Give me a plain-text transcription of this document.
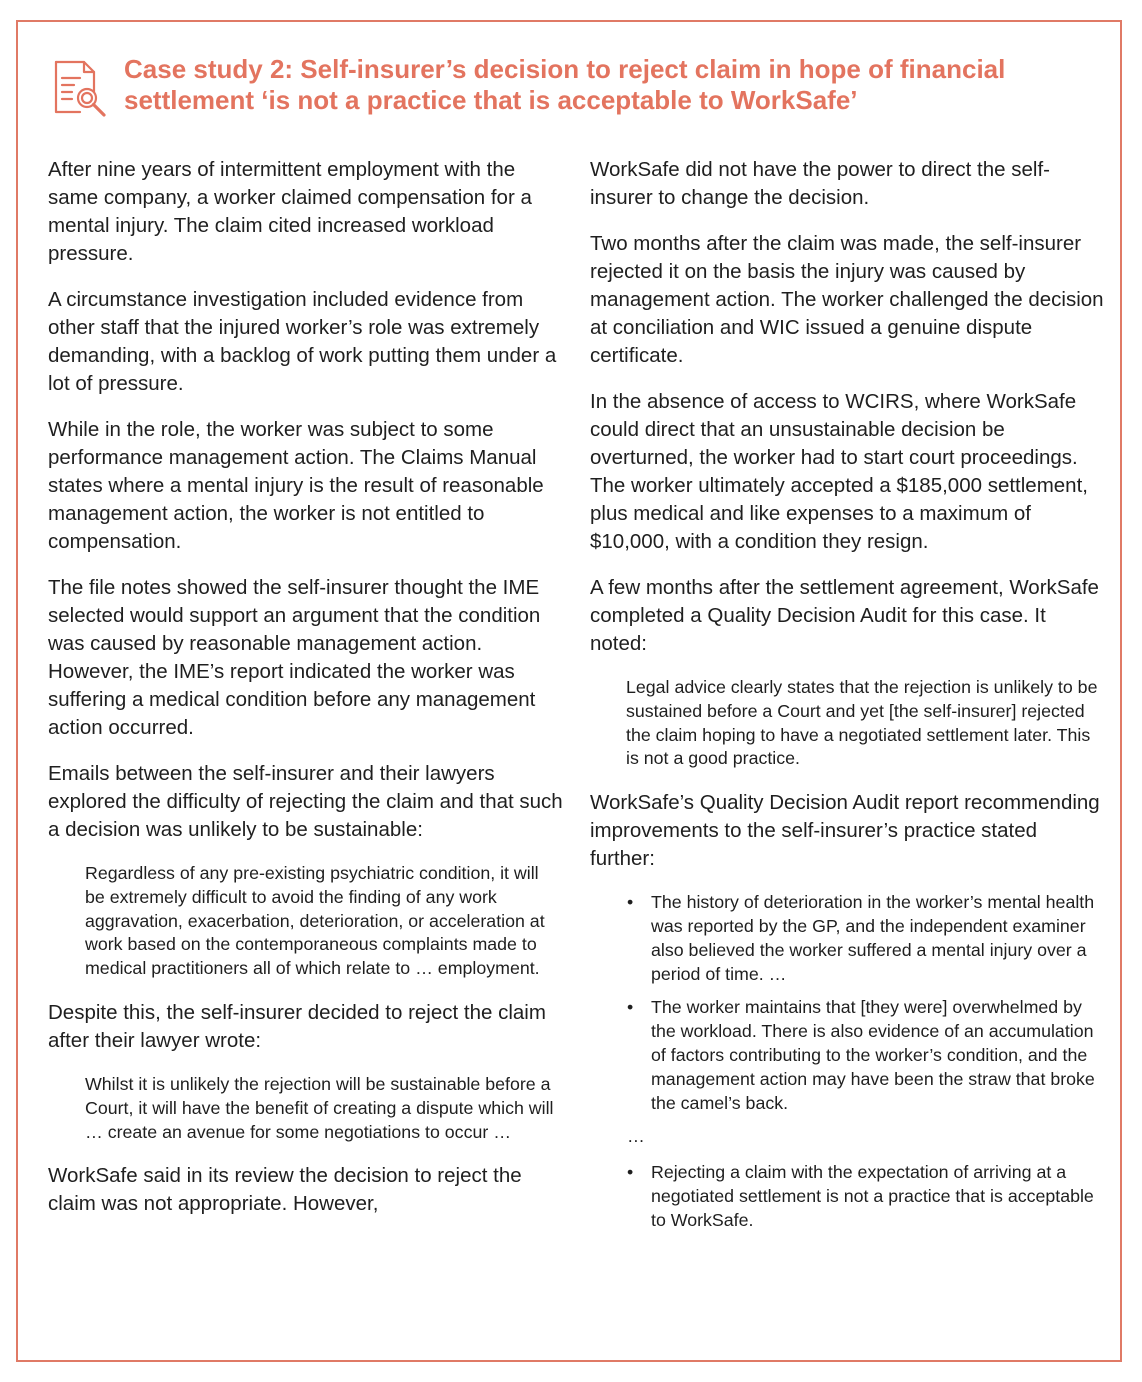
Case study 2: Self-insurer’s decision to reject claim in hope of financial settlement ‘is not a practice that is acceptable to WorkSafe’

After nine years of intermittent employment with the same company, a worker claimed compensation for a mental injury. The claim cited increased workload pressure.

A circumstance investigation included evidence from other staff that the injured worker’s role was extremely demanding, with a backlog of work putting them under a lot of pressure.

While in the role, the worker was subject to some performance management action. The Claims Manual states where a mental injury is the result of reasonable management action, the worker is not entitled to compensation.

The file notes showed the self-insurer thought the IME selected would support an argument that the condition was caused by reasonable management action. However, the IME’s report indicated the worker was suffering a medical condition before any management action occurred.

Emails between the self-insurer and their lawyers explored the difficulty of rejecting the claim and that such a decision was unlikely to be sustainable:

Regardless of any pre-existing psychiatric condition, it will be extremely difficult to avoid the finding of any work aggravation, exacerbation, deterioration, or acceleration at work based on the contemporaneous complaints made to medical practitioners all of which relate to … employment.

Despite this, the self-insurer decided to reject the claim after their lawyer wrote:

Whilst it is unlikely the rejection will be sustainable before a Court, it will have the benefit of creating a dispute which will … create an avenue for some negotiations to occur …

WorkSafe said in its review the decision to reject the claim was not appropriate. However,

WorkSafe did not have the power to direct the self-insurer to change the decision.

Two months after the claim was made, the self-insurer rejected it on the basis the injury was caused by management action. The worker challenged the decision at conciliation and WIC issued a genuine dispute certificate.

In the absence of access to WCIRS, where WorkSafe could direct that an unsustainable decision be overturned, the worker had to start court proceedings. The worker ultimately accepted a $185,000 settlement, plus medical and like expenses to a maximum of $10,000, with a condition they resign.

A few months after the settlement agreement, WorkSafe completed a Quality Decision Audit for this case. It noted:

Legal advice clearly states that the rejection is unlikely to be sustained before a Court and yet [the self-insurer] rejected the claim hoping to have a negotiated settlement later. This is not a good practice.

WorkSafe’s Quality Decision Audit report recommending improvements to the self-insurer’s practice stated further:

• The history of deterioration in the worker’s mental health was reported by the GP, and the independent examiner also believed the worker suffered a mental injury over a period of time. …
• The worker maintains that [they were] overwhelmed by the workload. There is also evidence of an accumulation of factors contributing to the worker’s condition, and the management action may have been the straw that broke the camel’s back.
…
• Rejecting a claim with the expectation of arriving at a negotiated settlement is not a practice that is acceptable to WorkSafe.
